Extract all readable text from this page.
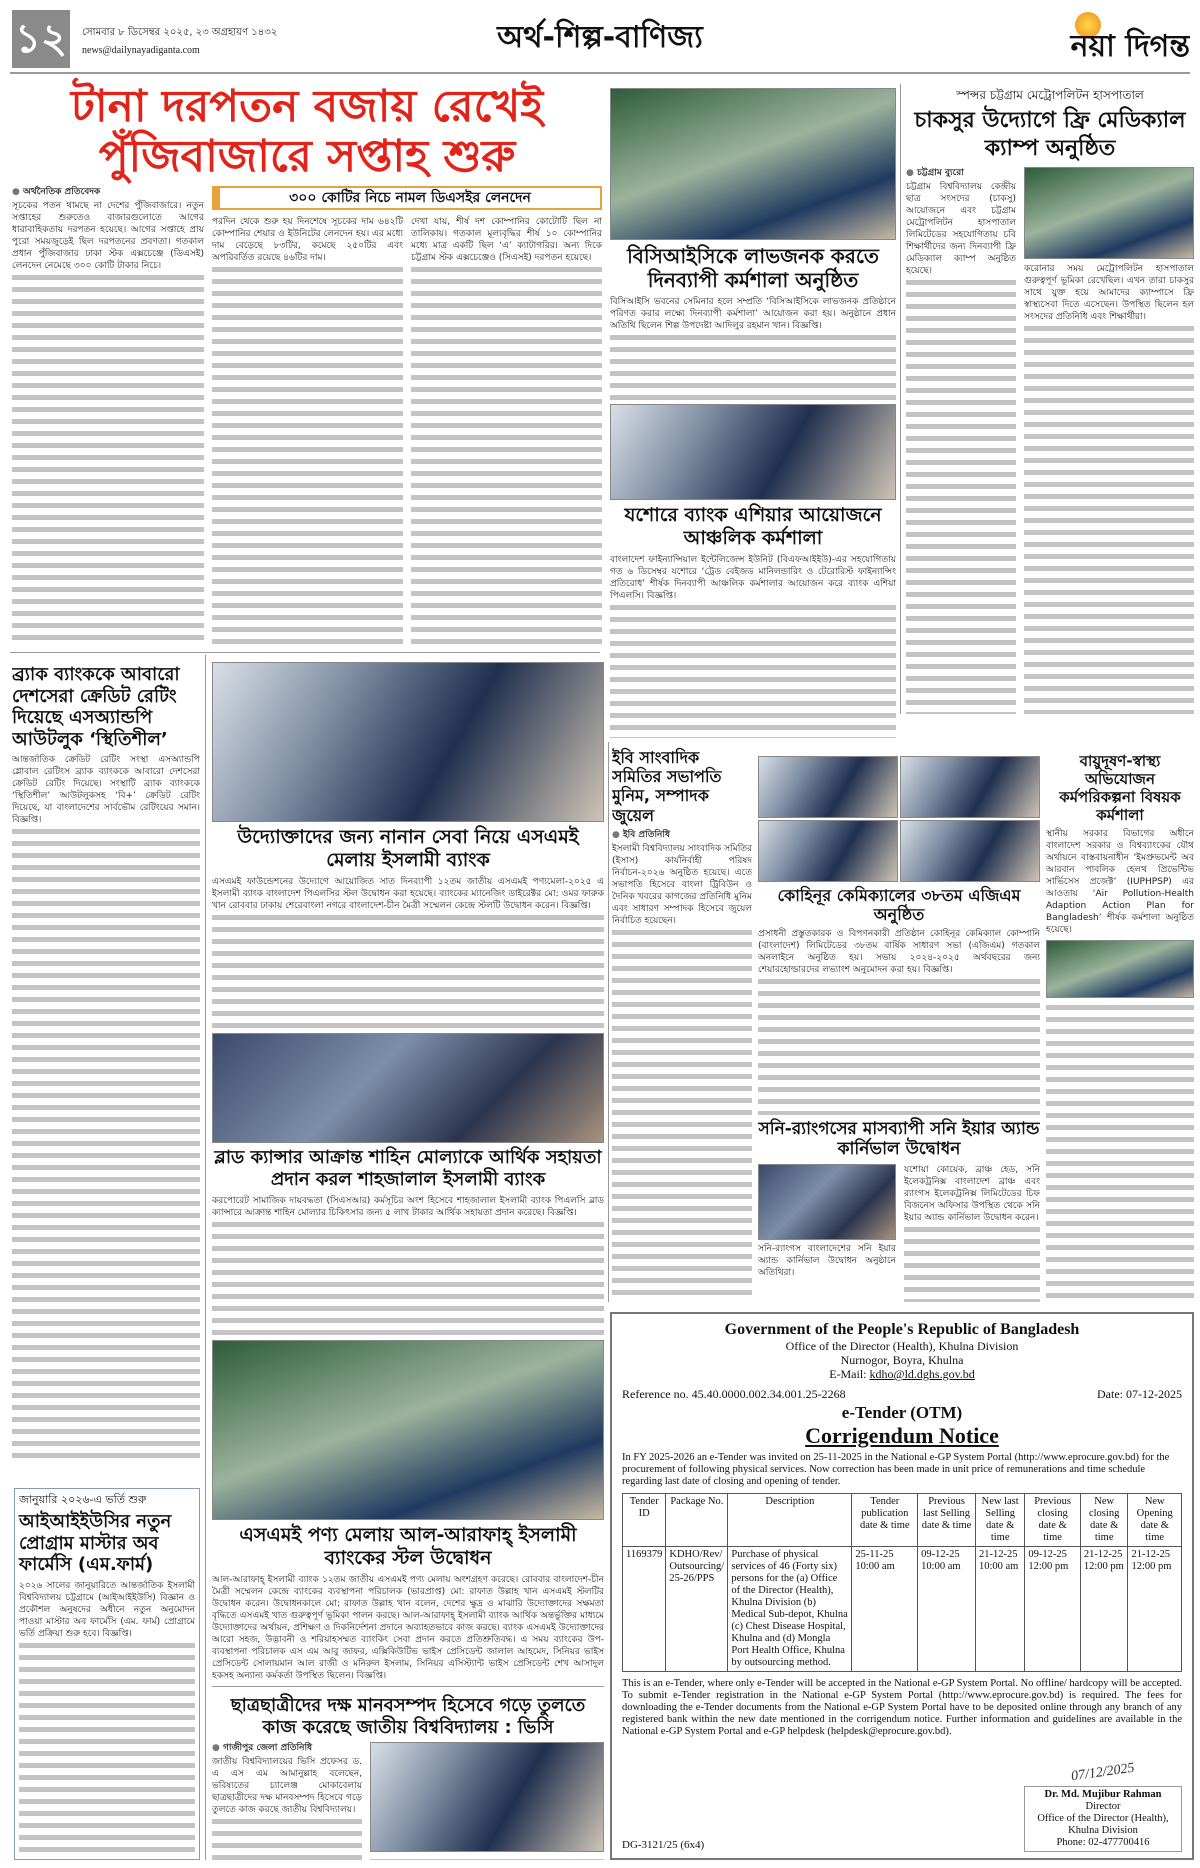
১২	সোমবার ৮ ডিসেম্বর ২০২৫, ২৩ অগ্রহায়ণ ১৪৩২
news@dailynayadiganta.com	অর্থ-শিল্প-বাণিজ্য	নয়া দিগন্ত
টানা দরপতন বজায় রেখেই পুঁজিবাজারে সপ্তাহ শুরু
● অর্থনৈতিক প্রতিবেদক

সূচকের পতন থামছে না দেশের পুঁজিবাজারে। নতুন সপ্তাহের শুরুতেও বাজারগুলোতে আগের ধারাবাহিকতায় দরপতন হয়েছে। আগের সপ্তাহে প্রায় পুরো সময়জুড়েই ছিল দরপতনের প্রবণতা। গতকাল প্রধান পুঁজিবাজার ঢাকা স্টক এক্সচেঞ্জে (ডিএসই) লেনদেন নেমেছে ৩০০ কোটি টাকার নিচে।

৩০০ কোটির নিচে নামল ডিএসইর লেনদেন

পরদিন থেকে শুরু হয় দিনশেষে সূচকের দাম ৬৪২টি কোম্পানির শেয়ার ও ইউনিটের লেনদেন হয়। এর মধ্যে দাম বেড়েছে ৮৩টির, কমেছে ২৫০টির এবং অপরিবর্তিত রয়েছে ৪৬টির দাম।

দেখা যায়, শীর্ষ দশ কোম্পানির কোটোটি ছিল না তালিকায়। গতকাল মূল্যবৃদ্ধির শীর্ষ ১০ কোম্পানির মধ্যে মাত্র একটি ছিল ‘এ’ ক্যাটাগরির। অন্য দিকে চট্টগ্রাম স্টক এক্সচেঞ্জেও (সিএসই) দরপতন হয়েছে।	বিসিআইসিকে লাভজনক করতে দিনব্যাপী কর্মশালা অনুষ্ঠিত

বিসিআইসি ভবনের সেমিনার হলে সম্প্রতি ‘বিসিআইসিকে লাভজনক প্রতিষ্ঠানে পরিণত করার লক্ষ্যে দিনব্যাপী কর্মশালা’ আয়োজন করা হয়। অনুষ্ঠানে প্রধান অতিথি ছিলেন শিল্প উপদেষ্টা আদিলুর রহমান খান। বিজ্ঞপ্তি।

যশোরে ব্যাংক এশিয়ার আয়োজনে আঞ্চলিক কর্মশালা

বাংলাদেশ ফাইন্যান্সিয়াল ইন্টেলিজেন্স ইউনিট (বিএফআইইউ)-এর সহযোগিতায় গত ৬ ডিসেম্বর যশোরে ‘ট্রেড বেইজড মানিলন্ডারিং ও টেরোরিস্ট ফাইন্যান্সিং প্রতিরোধ’ শীর্ষক দিনব্যাপী আঞ্চলিক কর্মশালার আয়োজন করে ব্যাংক এশিয়া পিএলসি। বিজ্ঞপ্তি।

স্পন্সর চট্টগ্রাম মেট্রোপলিটন হাসপাতাল
চাকসুর উদ্যোগে ফ্রি মেডিক্যাল ক্যাম্প অনুষ্ঠিত
● চট্টগ্রাম ব্যুরো

চট্টগ্রাম বিশ্ববিদ্যালয় কেন্দ্রীয় ছাত্র সংসদের (চাকসু) আয়োজনে এবং চট্টগ্রাম মেট্রোপলিটন হাসপাতাল লিমিটেডের সহযোগিতায় চবি শিক্ষার্থীদের জন্য দিনব্যাপী ফ্রি মেডিক্যাল ক্যাম্প অনুষ্ঠিত হয়েছে।	করোনার সময় মেট্রোপলিটন হাসপাতাল গুরুত্বপূর্ণ ভূমিকা রেখেছিল। এখন তারা চাকসুর সাথে যুক্ত হয়ে আমাদের ক্যাম্পাসে ফ্রি স্বাস্থ্যসেবা দিতে এসেছেন। উপস্থিত ছিলেন হল সংসদের প্রতিনিধি এবং শিক্ষার্থীরা।

বায়ুদূষণ-স্বাস্থ্য অভিযোজন কর্মপরিকল্পনা বিষয়ক কর্মশালা

স্থানীয় সরকার বিভাগের অধীনে বাংলাদেশ সরকার ও বিশ্বব্যাংকের যৌথ অর্থায়নে বাস্তবায়নাধীন ‘ইমপ্রুভমেন্ট অব আরবান পাবলিক হেলথ প্রিভেন্টিভ সার্ভিসেস প্রজেক্ট’ (IUPHPSP) এর আওতায় ‘Air Pollution-Health Adaption Action Plan for Bangladesh’ শীর্ষক কর্মশালা অনুষ্ঠিত হয়েছে।

ব্র্যাক ব্যাংককে আবারো দেশসেরা ক্রেডিট রেটিং দিয়েছে এসঅ্যান্ডপি আউটলুক ‘স্থিতিশীল’

আন্তর্জাতিক ক্রেডিট রেটিং সংস্থা এসঅ্যান্ডপি গ্লোবাল রেটিংস ব্র্যাক ব্যাংককে আবারো দেশসেরা ক্রেডিট রেটিং দিয়েছে। সংস্থাটি ব্র্যাক ব্যাংককে ‘স্থিতিশীল’ আউটলুকসহ ‘বি+’ ক্রেডিট রেটিং দিয়েছে, যা বাংলাদেশের সার্বভৌম রেটিংয়ের সমান। বিজ্ঞপ্তি।

জানুয়ারি ২০২৬-এ ভর্তি শুরু
আইআইইউসির নতুন প্রোগ্রাম মাস্টার অব ফার্মেসি (এম.ফার্ম)

২০২৬ সালের জানুয়ারিতে আন্তর্জাতিক ইসলামী বিশ্ববিদ্যালয় চট্টগ্রামে (আইআইইউসি) বিজ্ঞান ও প্রকৌশল অনুষদের অধীনে নতুন অনুমোদন পাওয়া মাস্টার অব ফার্মেসি (এম. ফার্ম) প্রোগ্রামে ভর্তি প্রক্রিয়া শুরু হবে। বিজ্ঞপ্তি।

উদ্যোক্তাদের জন্য নানান সেবা নিয়ে এসএমই মেলায় ইসলামী ব্যাংক

এসএমই ফাউন্ডেশনের উদ্যোগে আয়োজিত সাত দিনব্যাপী ১২তম জাতীয় এসএমই পণ্যমেলা-২০২৫ এ ইসলামী ব্যাংক বাংলাদেশ পিএলসির স্টল উদ্বোধন করা হয়েছে। ব্যাংকের ম্যানেজিং ডাইরেক্টর মো: ওমর ফারুক খান রোববার ঢাকায় শেরেবাংলা নগরে বাংলাদেশ-চীন মৈত্রী সম্মেলন কেন্দ্রে স্টলটি উদ্বোধন করেন। বিজ্ঞপ্তি।

ব্লাড ক্যান্সার আক্রান্ত শাহিন মোল্যাকে আর্থিক সহায়তা প্রদান করল শাহজালাল ইসলামী ব্যাংক

করপোরেট সামাজিক দায়বদ্ধতা (সিএসআর) কর্মসূচির অংশ হিসেবে শাহজালাল ইসলামী ব্যাংক পিএলসি ব্লাড ক্যান্সারে আক্রান্ত শাহিন মোল্যার চিকিৎসার জন্য ৫ লাখ টাকার আর্থিক সহায়তা প্রদান করেছে। বিজ্ঞপ্তি।

এসএমই পণ্য মেলায় আল-আরাফাহ্ ইসলামী ব্যাংকের স্টল উদ্বোধন

আল-আরাফাহ্ ইসলামী ব্যাংক ১২তম জাতীয় এসএমই পণ্য মেলায় অংশগ্রহণ করেছে। রোববার বাংলাদেশ-চীন মৈত্রী সম্মেলন কেন্দ্রে ব্যাংকের ব্যবস্থাপনা পরিচালক (ভারপ্রাপ্ত) মো: রাফাত উল্লাহ খান এসএমই স্টলটির উদ্বোধন করেন। উদ্বোধনকালে মো: রাফাত উল্লাহ খান বলেন, দেশের ক্ষুদ্র ও মাঝারি উদ্যোক্তাদের সক্ষমতা বৃদ্ধিতে এসএমই খাত গুরুত্বপূর্ণ ভূমিকা পালন করছে। আল-আরাফাহ্ ইসলামী ব্যাংক আর্থিক অন্তর্ভুক্তির মাধ্যমে উদ্যোক্তাদের অর্থায়ন, প্রশিক্ষণ ও দিকনির্দেশনা প্রদানে অব্যাহতভাবে কাজ করছে। ব্যাংক এসএমই উদ্যোক্তাদের আরো সহজ, উদ্ভাবনী ও শরিয়াহসম্মত ব্যাংকিং সেবা প্রদান করতে প্রতিশ্রুতিবদ্ধ। এ সময় ব্যাংকের উপ-ব্যবস্থাপনা পরিচালক এস এম আবু জাফর, এক্সিকিউটিভ ভাইস প্রেসিডেন্ট জালাল আহমেদ, সিনিয়র ভাইস প্রেসিডেন্ট সোলায়মান আল রাজী ও মনিরুল ইসলাম, সিনিয়র এসিস্ট্যান্ট ভাইস প্রেসিডেন্ট শেখ আসাদুল হকসহ অন্যান্য কর্মকর্তা উপস্থিত ছিলেন। বিজ্ঞপ্তি।

ছাত্রছাত্রীদের দক্ষ মানবসম্পদ হিসেবে গড়ে তুলতে কাজ করেছে জাতীয় বিশ্ববিদ্যালয় : ভিসি
● গাজীপুর জেলা প্রতিনিধি

জাতীয় বিশ্ববিদ্যালয়ের ভিসি প্রফেসর ড. এ এস এম আমানুল্লাহ বলেছেন, ভবিষ্যতের চ্যালেঞ্জ মোকাবেলায় ছাত্রছাত্রীদের দক্ষ মানবসম্পদ হিসেবে গড়ে তুলতে কাজ করছে জাতীয় বিশ্ববিদ্যালয়।

ইবি সাংবাদিক সমিতির সভাপতি মুনিম, সম্পাদক জুয়েল
● ইবি প্রতিনিধি

ইসলামী বিশ্ববিদ্যালয় সাংবাদিক সমিতির (ইসাস) কার্যনির্বাহী পরিষদ নির্বাচন-২০২৬ অনুষ্ঠিত হয়েছে। এতে সভাপতি হিসেবে বাংলা ট্রিবিউন ও দৈনিক খবরের কাগজের প্রতিনিধি মুনিম এবং সাধারণ সম্পাদক হিসেবে জুয়েল নির্বাচিত হয়েছেন।

কোহিনূর কেমিক্যালের ৩৮তম এজিএম অনুষ্ঠিত

প্রসাধনী প্রস্তুতকারক ও বিপণনকারী প্রতিষ্ঠান কোহিনূর কেমিক্যাল কোম্পানি (বাংলাদেশ) লিমিটেডের ৩৮তম বার্ষিক সাধারণ সভা (এজিএম) গতকাল অনলাইনে অনুষ্ঠিত হয়। সভায় ২০২৪-২০২৫ অর্থবছরের জন্য শেয়ারহোল্ডারদের লভ্যাংশ অনুমোদন করা হয়। বিজ্ঞপ্তি।

সনি-র‌্যাংগসের মাসব্যাপী সনি ইয়ার অ্যান্ড কার্নিভাল উদ্বোধন

সনি-র‌্যাংগস বাংলাদেশের সনি ইয়ার অ্যান্ড কার্নিভাল উদ্বোধন অনুষ্ঠানে অতিথিরা।

যশোয়া কোয়েক, ব্রাঞ্চ হেড, সনি ইলেকট্রনিক্স বাংলাদেশ ব্রাঞ্চ এবং র‌্যাংগস ইলেকট্রনিক্স লিমিটেডের চিফ বিজনেস অফিসার উপস্থিত থেকে সনি ইয়ার অ্যান্ড কার্নিভাল উদ্বোধন করেন।

Government of the People's Republic of Bangladesh
Office of the Director (Health), Khulna Division
Nurnogor, Boyra, Khulna
E-Mail: kdho@ld.dghs.gov.bd
Reference no. 45.40.0000.002.34.001.25-2268	Date: 07-12-2025
e-Tender (OTM)
Corrigendum Notice
In FY 2025-2026 an e-Tender was invited on 25-11-2025 in the National e-GP System Portal (http://www.eprocure.gov.bd) for the procurement of following physical services. Now correction has been made in unit price of remunerations and time schedule regarding last date of closing and opening of tender.
Tender ID	Package No.	Description	Tender publication date & time	Previous last Selling date & time	New last Selling date & time	Previous closing date & time	New closing date & time	New Opening date & time
1169379	KDHO/Rev/ Outsourcing/ 25-26/PPS	Purchase of physical services of 46 (Forty six) persons for the (a) Office of the Director (Health), Khulna Division (b) Medical Sub-depot, Khulna (c) Chest Disease Hospital, Khulna and (d) Mongla Port Health Office, Khulna by outsourcing method.	25-11-25 10:00 am	09-12-25 10:00 am	21-12-25 10:00 am	09-12-25 12:00 pm	21-12-25 12:00 pm	21-12-25 12:00 pm
This is an e-Tender, where only e-Tender will be accepted in the National e-GP System Portal. No offline/ hardcopy will be accepted. To submit e-Tender registration in the National e-GP System Portal (http://www.eprocure.gov.bd) is required. The fees for downloading the e-Tender documents from the National e-GP System Portal have to be deposited online through any branch of any registered bank within the new date mentioned in the corrigendum notice. Further information and guidelines are available in the National e-GP System Portal and e-GP helpdesk (helpdesk@eprocure.gov.bd).
DG-3121/25 (6x4)
07/12/2025
Dr. Md. Mujibur Rahman
Director
Office of the Director (Health), Khulna Division
Phone: 02-477700416
